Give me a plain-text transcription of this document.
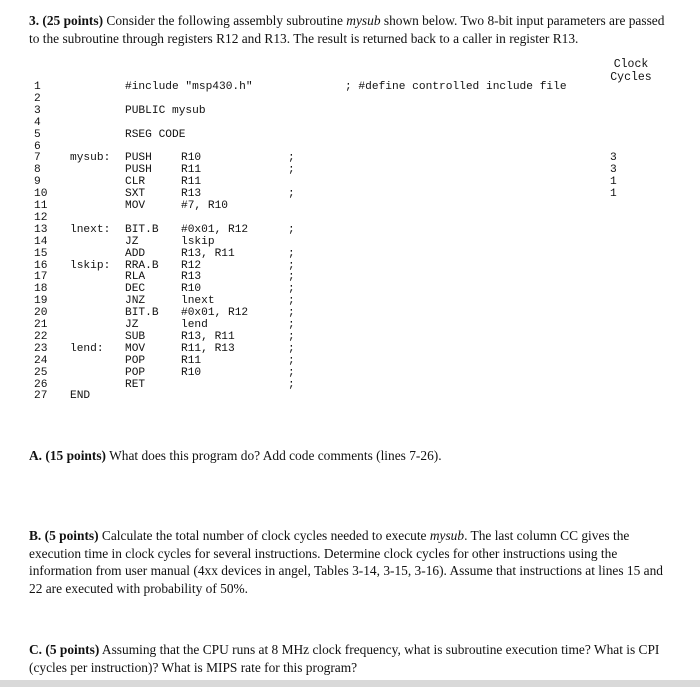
3. (25 points) Consider the following assembly subroutine mysub shown below. Two 8-bit input parameters are passed to the subroutine through registers R12 and R13. The result is returned back to a caller in register R13.
Clock
Cycles
1	#include "msp430.h"	; #define controlled include file
2
3	PUBLIC mysub
4
5	RSEG CODE
6
7	mysub: PUSH	R10	;	3
8	PUSH	R11	;	3
9	CLR	R11	1
10	SXT	R13	;	1
11	MOV	#7, R10
12
13 lnext: BIT.B #0x01, R12	;
14	JZ	lskip
15	ADD	R13, R11	;
16 lskip: RRA.B R12	;
17	RLA	R13	;
18	DEC	R10	;
19	JNZ	lnext	;
20	BIT.B #0x01, R12	;
21	JZ	lend	;
22	SUB	R13, R11	;
23 lend: MOV	R11, R13	;
24	POP	R11	;
25	POP	R10	;
26	RET	;
27 END
A. (15 points) What does this program do? Add code comments (lines 7-26).
B. (5 points) Calculate the total number of clock cycles needed to execute mysub. The last column CC gives the execution time in clock cycles for several instructions. Determine clock cycles for other instructions using the information from user manual (4xx devices in angel, Tables 3-14, 3-15, 3-16). Assume that instructions at lines 15 and 22 are executed with probability of 50%.
C. (5 points) Assuming that the CPU runs at 8 MHz clock frequency, what is subroutine execution time? What is CPI (cycles per instruction)? What is MIPS rate for this program?
